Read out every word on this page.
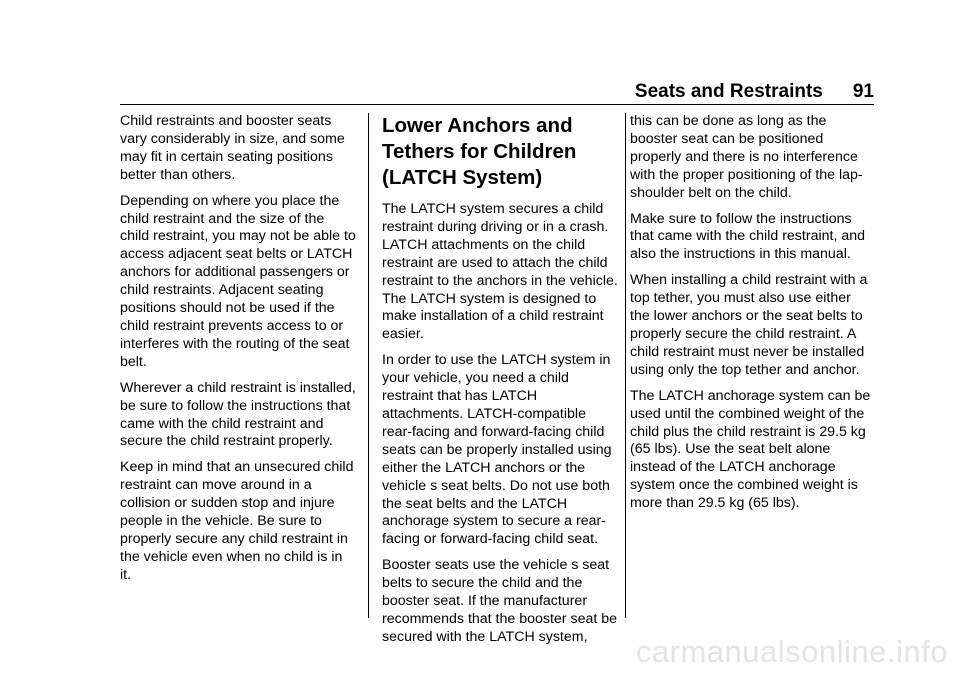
Seats and Restraints 91

Child restraints and booster seats vary considerably in size, and some may fit in certain seating positions better than others.

Depending on where you place the child restraint and the size of the child restraint, you may not be able to access adjacent seat belts or LATCH anchors for additional passengers or child restraints. Adjacent seating positions should not be used if the child restraint prevents access to or interferes with the routing of the seat belt.

Wherever a child restraint is installed, be sure to follow the instructions that came with the child restraint and secure the child restraint properly.

Keep in mind that an unsecured child restraint can move around in a collision or sudden stop and injure people in the vehicle. Be sure to properly secure any child restraint in the vehicle even when no child is in it.

Lower Anchors and Tethers for Children (LATCH System)

The LATCH system secures a child restraint during driving or in a crash. LATCH attachments on the child restraint are used to attach the child restraint to the anchors in the vehicle. The LATCH system is designed to make installation of a child restraint easier.

In order to use the LATCH system in your vehicle, you need a child restraint that has LATCH attachments. LATCH-compatible rear-facing and forward-facing child seats can be properly installed using either the LATCH anchors or the vehicle s seat belts. Do not use both the seat belts and the LATCH anchorage system to secure a rear-facing or forward-facing child seat.

Booster seats use the vehicle s seat belts to secure the child and the booster seat. If the manufacturer recommends that the booster seat be secured with the LATCH system,

this can be done as long as the booster seat can be positioned properly and there is no interference with the proper positioning of the lap-shoulder belt on the child.

Make sure to follow the instructions that came with the child restraint, and also the instructions in this manual.

When installing a child restraint with a top tether, you must also use either the lower anchors or the seat belts to properly secure the child restraint. A child restraint must never be installed using only the top tether and anchor.

The LATCH anchorage system can be used until the combined weight of the child plus the child restraint is 29.5 kg (65 lbs). Use the seat belt alone instead of the LATCH anchorage system once the combined weight is more than 29.5 kg (65 lbs).

carmanualsonline.info
